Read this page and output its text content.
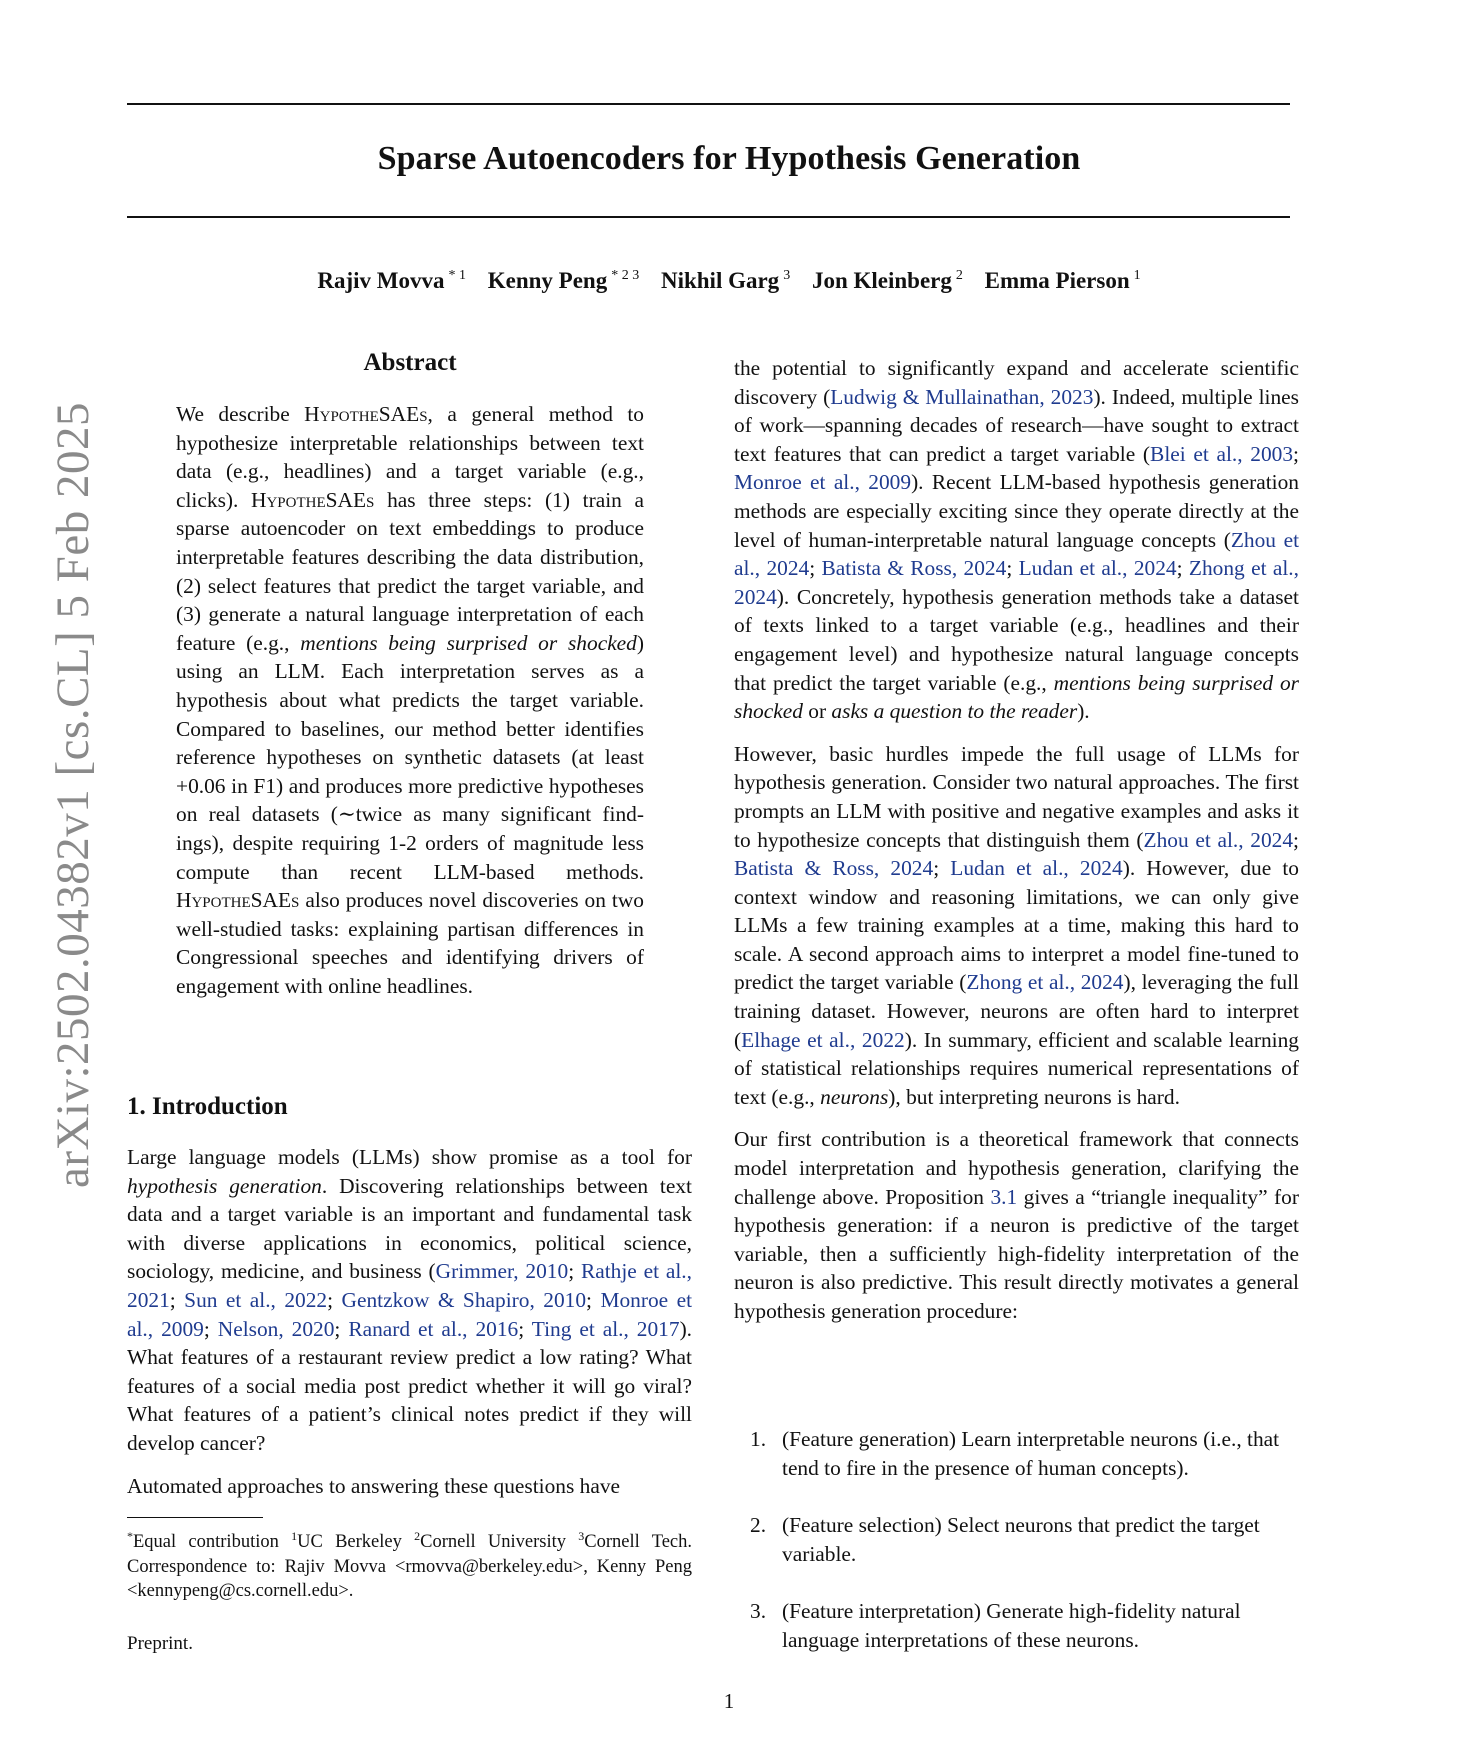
Sparse Autoencoders for Hypothesis Generation
Rajiv Movva $^{* 1}$ Kenny Peng $^{* 2 3}$ Nikhil Garg $^3$ Jon Kleinberg $^2$ Emma Pierson $^1$
arXiv:2502.04382v1 [cs.CL] 5 Feb 2025
Abstract
We describe HypotheSAEs, a general method to hypothesize interpretable relationships between text data (e.g., headlines) and a target variable (e.g., clicks). HypotheSAEs has three steps: (1) train a sparse autoencoder on text embeddings to produce interpretable features describing the data distribution, (2) select features that predict the target variable, and (3) generate a natural language interpretation of each feature (e.g., mentions being surprised or shocked) using an LLM. Each interpretation serves as a hypothesis about what predicts the target variable. Compared to baselines, our method better identifies reference hypotheses on synthetic datasets (at least +0.06 in F1) and produces more predictive hypotheses on real datasets (∼twice as many significant findings), despite requiring 1-2 orders of magnitude less compute than recent LLM-based methods. HypotheSAEs also produces novel discoveries on two well-studied tasks: explaining partisan differences in Congressional speeches and identifying drivers of engagement with online headlines.
1. Introduction

Large language models (LLMs) show promise as a tool for hypothesis generation. Discovering relationships between text data and a target variable is an important and fundamental task with diverse applications in economics, political science, sociology, medicine, and business (Grimmer, 2010; Rathje et al., 2021; Sun et al., 2022; Gentzkow & Shapiro, 2010; Monroe et al., 2009; Nelson, 2020; Ranard et al., 2016; Ting et al., 2017). What features of a restaurant review predict a low rating? What features of a social media post predict whether it will go viral? What features of a patient’s clinical notes predict if they will develop cancer?

Automated approaches to answering these questions have

*Equal contribution $^1$UC Berkeley $^2$Cornell University $^3$Cornell Tech. Correspondence to: Rajiv Movva <rmovva@berkeley.edu>, Kenny Peng <kennypeng@cs.cornell.edu>.
Preprint.

the potential to significantly expand and accelerate scientific discovery (Ludwig & Mullainathan, 2023). Indeed, multiple lines of work—spanning decades of research—have sought to extract text features that can predict a target variable (Blei et al., 2003; Monroe et al., 2009). Recent LLM-based hypothesis generation methods are especially exciting since they operate directly at the level of human-interpretable natural language concepts (Zhou et al., 2024; Batista & Ross, 2024; Ludan et al., 2024; Zhong et al., 2024). Concretely, hypothesis generation methods take a dataset of texts linked to a target variable (e.g., headlines and their engagement level) and hypothesize natural language concepts that predict the target variable (e.g., mentions being surprised or shocked or asks a question to the reader).

However, basic hurdles impede the full usage of LLMs for hypothesis generation. Consider two natural approaches. The first prompts an LLM with positive and negative examples and asks it to hypothesize concepts that distinguish them (Zhou et al., 2024; Batista & Ross, 2024; Ludan et al., 2024). However, due to context window and reasoning limitations, we can only give LLMs a few training examples at a time, making this hard to scale. A second approach aims to interpret a model fine-tuned to predict the target variable (Zhong et al., 2024), leveraging the full training dataset. However, neurons are often hard to interpret (Elhage et al., 2022). In summary, efficient and scalable learning of statistical relationships requires numerical representations of text (e.g., neurons), but interpreting neurons is hard.

Our first contribution is a theoretical framework that connects model interpretation and hypothesis generation, clarifying the challenge above. Proposition 3.1 gives a “triangle inequality” for hypothesis generation: if a neuron is predictive of the target variable, then a sufficiently high-fidelity interpretation of the neuron is also predictive. This result directly motivates a general hypothesis generation procedure:

1. (Feature generation) Learn interpretable neurons (i.e., that tend to fire in the presence of human concepts).
2. (Feature selection) Select neurons that predict the target variable.
3. (Feature interpretation) Generate high-fidelity natural language interpretations of these neurons.
1
